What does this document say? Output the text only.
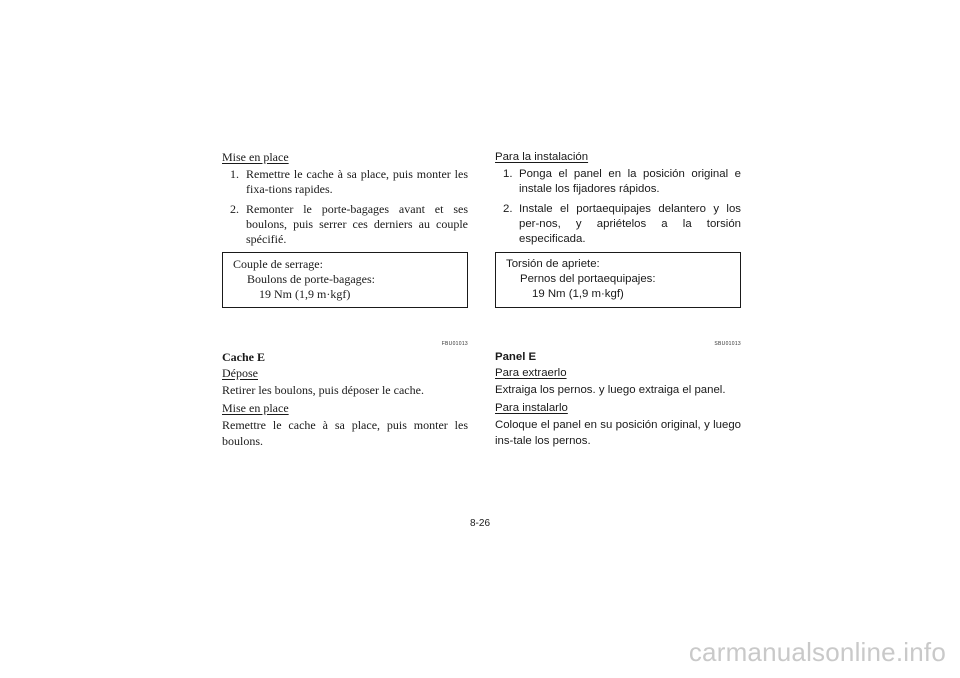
Mise en place

1. Remettre le cache à sa place, puis monter les fixa-tions rapides.
2. Remonter le porte-bagages avant et ses boulons, puis serrer ces derniers au couple spécifié.
Couple de serrage:
Boulons de porte-bagages:
19 Nm (1,9 m·kgf)

Para la instalación

1. Ponga el panel en la posición original e instale los fijadores rápidos.
2. Instale el portaequipajes delantero y los per-nos, y apriételos a la torsión especificada.
Torsión de apriete:
Pernos del portaequipajes:
19 Nm (1,9 m·kgf)
FBU01013	SBU01013

Cache E

Dépose

Retirer les boulons, puis déposer le cache.

Mise en place

Remettre le cache à sa place, puis monter les boulons.

Panel E

Para extraerlo

Extraiga los pernos. y luego extraiga el panel.

Para instalarlo

Coloque el panel en su posición original, y luego ins-tale los pernos.

8-26
carmanualsonline.info
